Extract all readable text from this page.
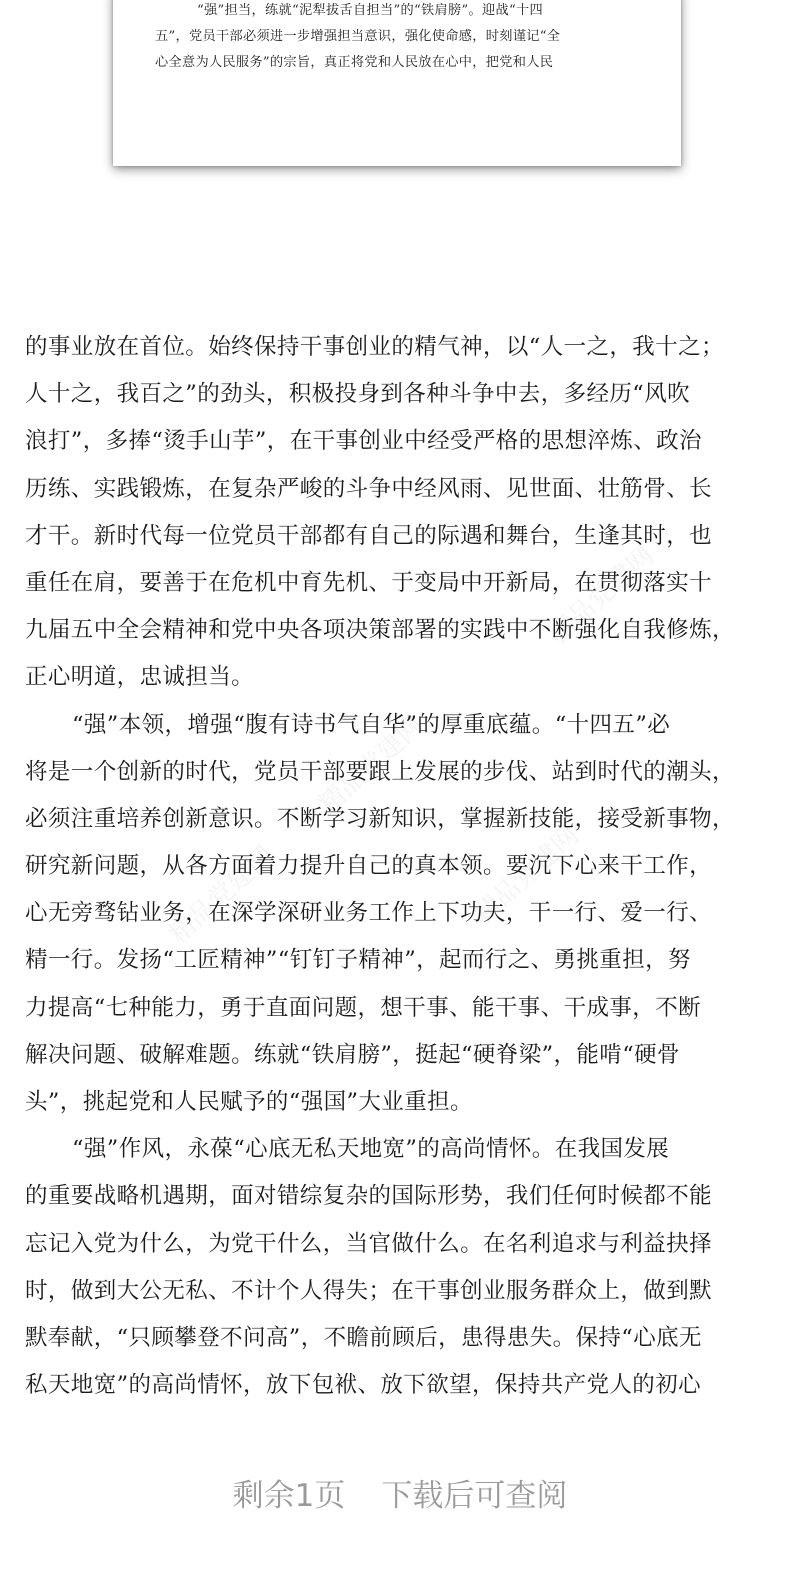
“强”担当，练就“泥犁拔舌自担当”的“铁肩膀”。迎战“十四
五”，党员干部必须进一步增强担当意识，强化使命感，时刻谨记“全
心全意为人民服务”的宗旨，真正将党和人民放在心中，把党和人民
精品党建网
精品党建网
精品党建网
精品党建网
的事业放在首位。始终保持干事创业的精气神，以“人一之，我十之；
人十之，我百之”的劲头，积极投身到各种斗争中去，多经历“风吹
浪打”，多捧“烫手山芋”，在干事创业中经受严格的思想淬炼、政治
历练、实践锻炼，在复杂严峻的斗争中经风雨、见世面、壮筋骨、长
才干。新时代每一位党员干部都有自己的际遇和舞台，生逢其时，也
重任在肩，要善于在危机中育先机、于变局中开新局，在贯彻落实十
九届五中全会精神和党中央各项决策部署的实践中不断强化自我修炼，
正心明道，忠诚担当。
“强”本领，增强“腹有诗书气自华”的厚重底蕴。“十四五”必
将是一个创新的时代，党员干部要跟上发展的步伐、站到时代的潮头，
必须注重培养创新意识。不断学习新知识，掌握新技能，接受新事物，
研究新问题，从各方面着力提升自己的真本领。要沉下心来干工作，
心无旁骛钻业务，在深学深研业务工作上下功夫，干一行、爱一行、
精一行。发扬“工匠精神”“钉钉子精神”，起而行之、勇挑重担，努
力提高“七种能力，勇于直面问题，想干事、能干事、干成事，不断
解决问题、破解难题。练就“铁肩膀”，挺起“硬脊梁”，能啃“硬骨
头”，挑起党和人民赋予的“强国”大业重担。
“强”作风，永葆“心底无私天地宽”的高尚情怀。在我国发展
的重要战略机遇期，面对错综复杂的国际形势，我们任何时候都不能
忘记入党为什么，为党干什么，当官做什么。在名利追求与利益抉择
时，做到大公无私、不计个人得失；在干事创业服务群众上，做到默
默奉献，“只顾攀登不问高”，不瞻前顾后，患得患失。保持“心底无
私天地宽”的高尚情怀，放下包袱、放下欲望，保持共产党人的初心
剩余1页 下载后可查阅
